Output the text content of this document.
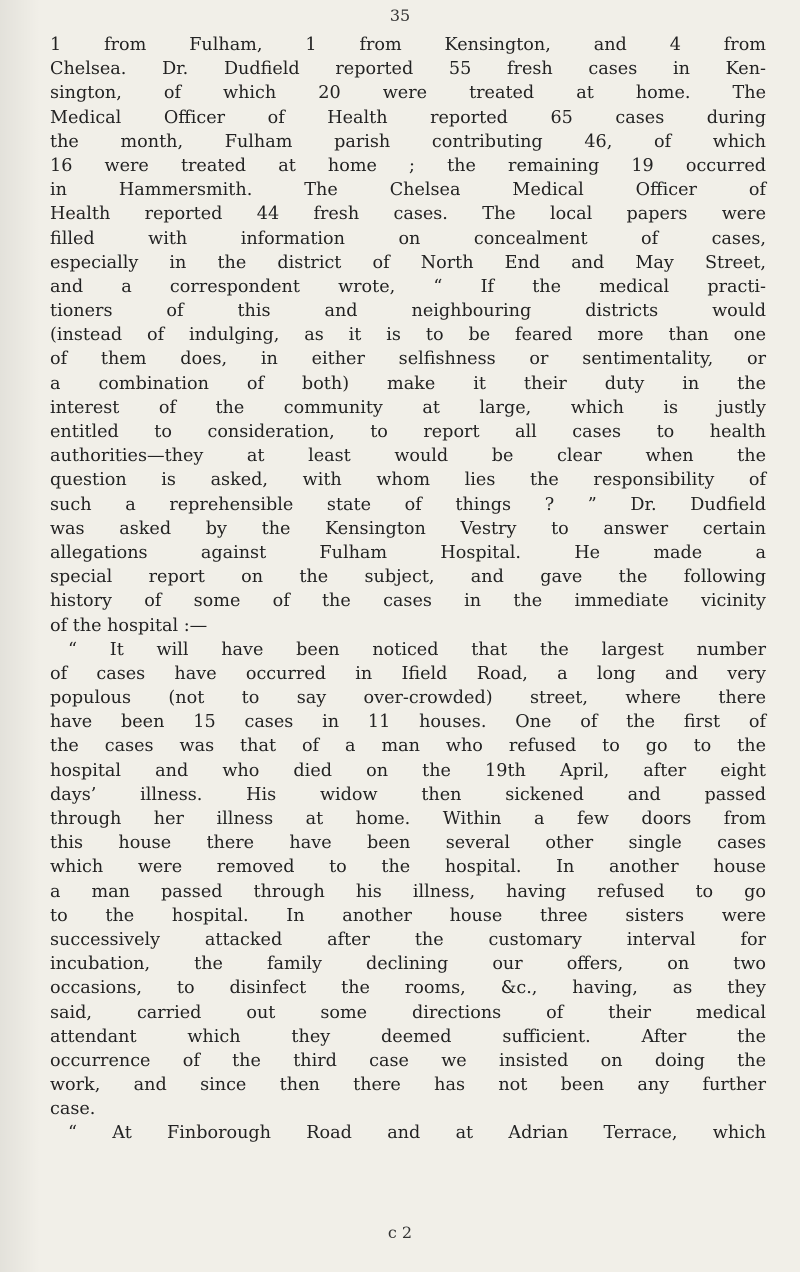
35
1 from Fulham, 1 from Kensington, and 4 from
Chelsea. Dr. Dudfield reported 55 fresh cases in Ken-
sington, of which 20 were treated at home. The
Medical Officer of Health reported 65 cases during
the month, Fulham parish contributing 46, of which
16 were treated at home ; the remaining 19 occurred
in Hammersmith. The Chelsea Medical Officer of
Health reported 44 fresh cases. The local papers were
filled with information on concealment of cases,
especially in the district of North End and May Street,
and a correspondent wrote, “ If the medical practi-
tioners of this and neighbouring districts would
(instead of indulging, as it is to be feared more than one
of them does, in either selfishness or sentimentality, or
a combination of both) make it their duty in the
interest of the community at large, which is justly
entitled to consideration, to report all cases to health
authorities—they at least would be clear when the
question is asked, with whom lies the responsibility of
such a reprehensible state of things ? ” Dr. Dudfield
was asked by the Kensington Vestry to answer certain
allegations against Fulham Hospital. He made a
special report on the subject, and gave the following
history of some of the cases in the immediate vicinity
of the hospital :—
“ It will have been noticed that the largest number
of cases have occurred in Ifield Road, a long and very
populous (not to say over-crowded) street, where there
have been 15 cases in 11 houses. One of the first of
the cases was that of a man who refused to go to the
hospital and who died on the 19th April, after eight
days’ illness. His widow then sickened and passed
through her illness at home. Within a few doors from
this house there have been several other single cases
which were removed to the hospital. In another house
a man passed through his illness, having refused to go
to the hospital. In another house three sisters were
successively attacked after the customary interval for
incubation, the family declining our offers, on two
occasions, to disinfect the rooms, &c., having, as they
said, carried out some directions of their medical
attendant which they deemed sufficient. After the
occurrence of the third case we insisted on doing the
work, and since then there has not been any further
case.
“ At Finborough Road and at Adrian Terrace, which
c 2
